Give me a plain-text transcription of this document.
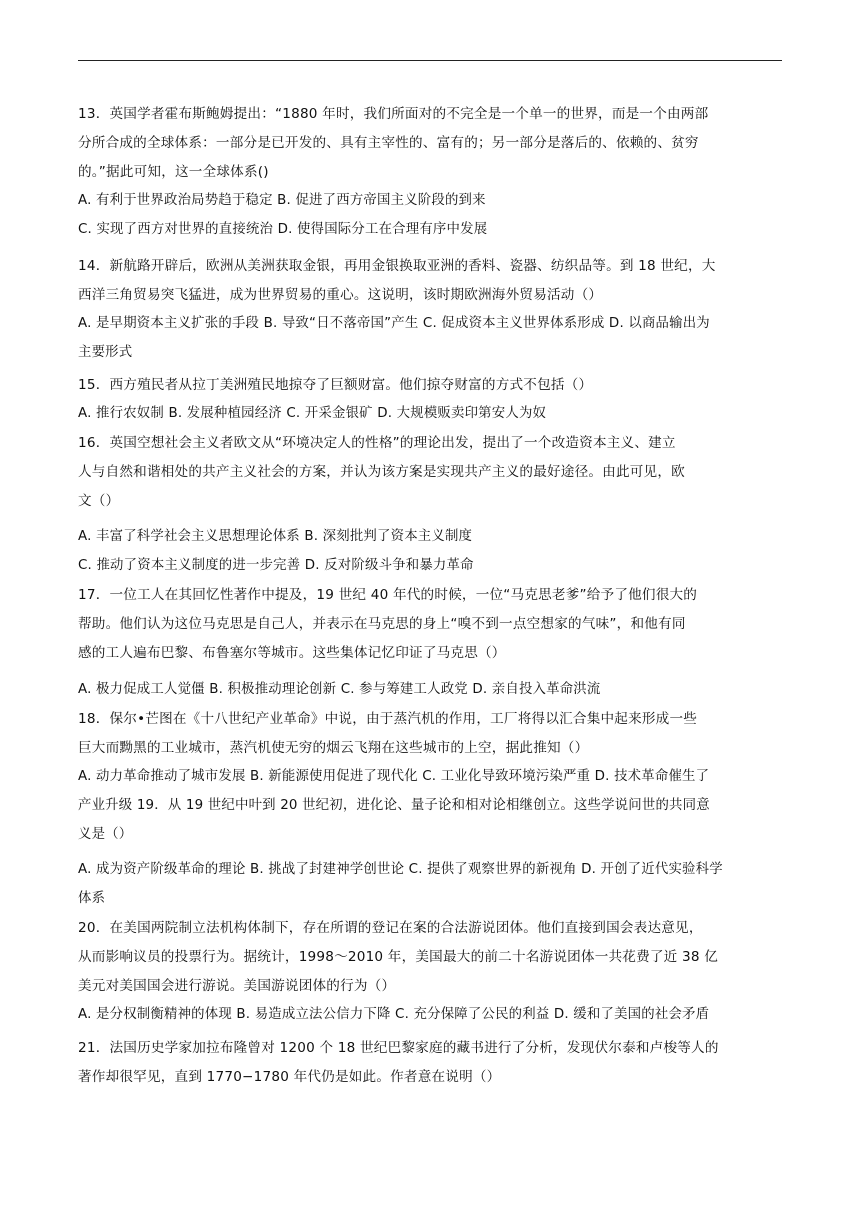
13．英国学者霍布斯鲍姆提出：“1880 年时，我们所面对的不完全是一个单一的世界，而是一个由两部
分所合成的全球体系：一部分是已开发的、具有主宰性的、富有的；另一部分是落后的、依赖的、贫穷
的。”据此可知，这一全球体系()
A. 有利于世界政治局势趋于稳定 B. 促进了西方帝国主义阶段的到来
C. 实现了西方对世界的直接统治 D. 使得国际分工在合理有序中发展
14．新航路开辟后，欧洲从美洲获取金银，再用金银换取亚洲的香料、瓷器、纺织品等。到 18 世纪，大
西洋三角贸易突飞猛进，成为世界贸易的重心。这说明，该时期欧洲海外贸易活动（）
A. 是早期资本主义扩张的手段 B. 导致“日不落帝国”产生 C. 促成资本主义世界体系形成 D. 以商品输出为
主要形式
15．西方殖民者从拉丁美洲殖民地掠夺了巨额财富。他们掠夺财富的方式不包括（）
A. 推行农奴制 B. 发展种植园经济 C. 开采金银矿 D. 大规模贩卖印第安人为奴
16．英国空想社会主义者欧文从“环境决定人的性格”的理论出发，提出了一个改造资本主义、建立
人与自然和谐相处的共产主义社会的方案，并认为该方案是实现共产主义的最好途径。由此可见，欧
文（）
A. 丰富了科学社会主义思想理论体系 B. 深刻批判了资本主义制度
C. 推动了资本主义制度的进一步完善 D. 反对阶级斗争和暴力革命
17．一位工人在其回忆性著作中提及，19 世纪 40 年代的时候，一位“马克思老爹”给予了他们很大的
帮助。他们认为这位马克思是自己人，并表示在马克思的身上“嗅不到一点空想家的气味”，和他有同
感的工人遍布巴黎、布鲁塞尔等城市。这些集体记忆印证了马克思（）
A. 极力促成工人觉僵 B. 积极推动理论创新 C. 参与筹建工人政党 D. 亲自投入革命洪流
18．保尔•芒图在《十八世纪产业革命》中说，由于蒸汽机的作用，工厂将得以汇合集中起来形成一些
巨大而黝黑的工业城市，蒸汽机使无穷的烟云飞翔在这些城市的上空，据此推知（）
A. 动力革命推动了城市发展 B. 新能源使用促进了现代化 C. 工业化导致环境污染严重 D. 技术革命催生了
产业升级 19．从 19 世纪中叶到 20 世纪初，进化论、量子论和相对论相继创立。这些学说问世的共同意
义是（）
A. 成为资产阶级革命的理论 B. 挑战了封建神学创世论 C. 提供了观察世界的新视角 D. 开创了近代实验科学
体系
20．在美国两院制立法机构体制下，存在所谓的登记在案的合法游说团体。他们直接到国会表达意见，
从而影响议员的投票行为。据统计，1998～2010 年，美国最大的前二十名游说团体一共花费了近 38 亿
美元对美国国会进行游说。美国游说团体的行为（）
A. 是分权制衡精神的体现 B. 易造成立法公信力下降 C. 充分保障了公民的利益 D. 缓和了美国的社会矛盾
21．法国历史学家加拉布隆曾对 1200 个 18 世纪巴黎家庭的藏书进行了分析，发现伏尔泰和卢梭等人的
著作却很罕见，直到 1770−1780 年代仍是如此。作者意在说明（）
